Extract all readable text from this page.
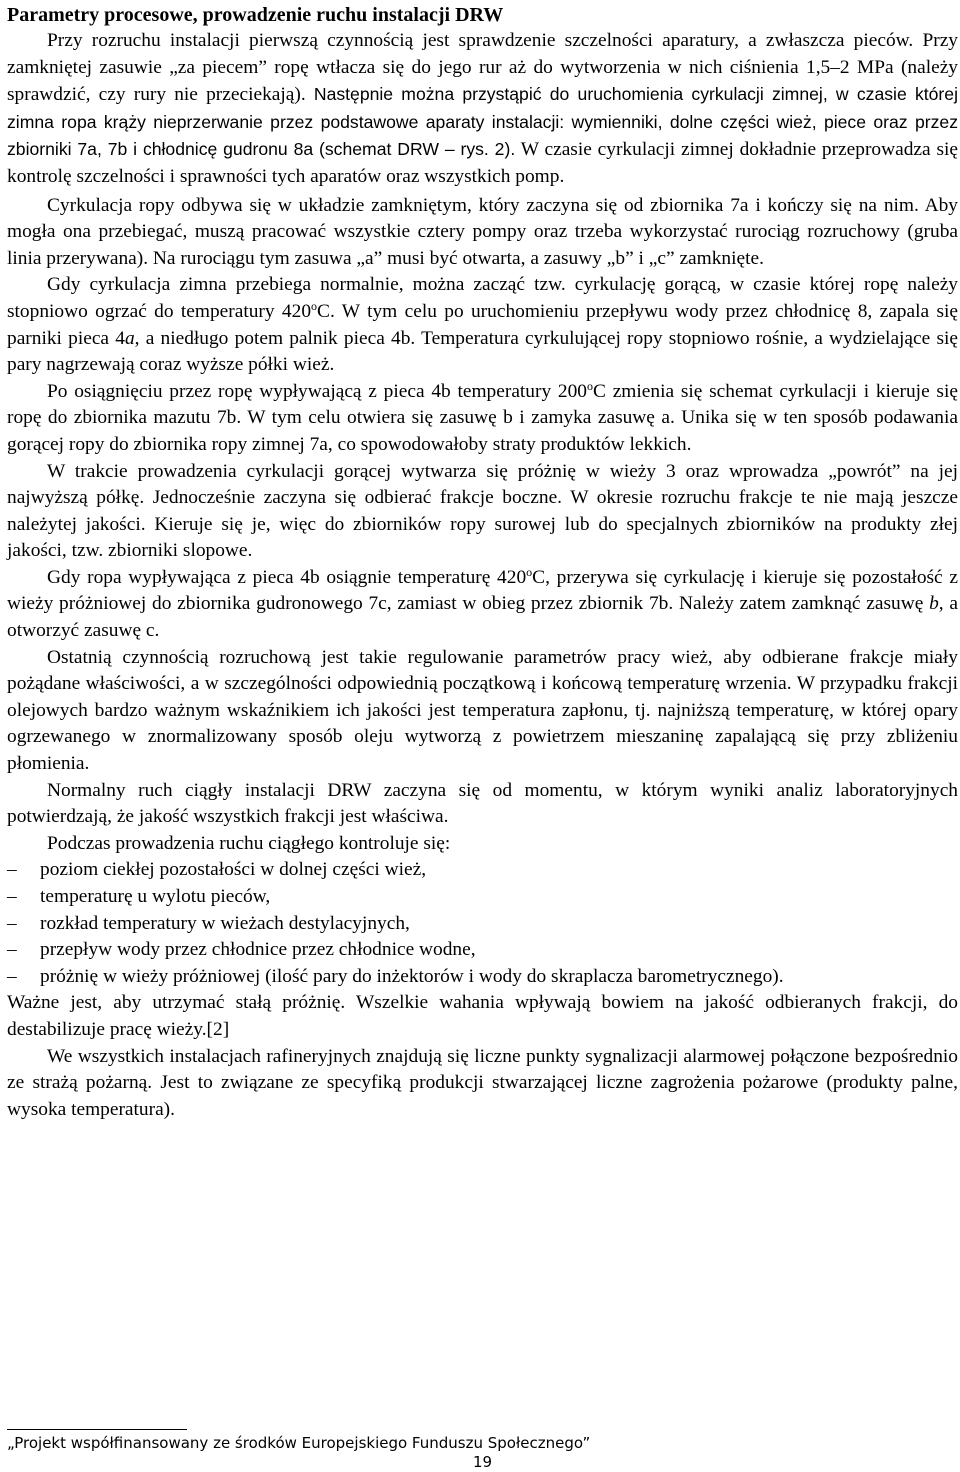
Parametry procesowe, prowadzenie ruchu instalacji DRW

Przy rozruchu instalacji pierwszą czynnością jest sprawdzenie szczelności aparatury, a zwłaszcza pieców. Przy zamkniętej zasuwie „za piecem” ropę wtłacza się do jego rur aż do wytworzenia w nich ciśnienia 1,5–2 MPa (należy sprawdzić, czy rury nie przeciekają). Następnie można przystąpić do uruchomienia cyrkulacji zimnej, w czasie której zimna ropa krąży nieprzerwanie przez podstawowe aparaty instalacji: wymienniki, dolne części wież, piece oraz przez zbiorniki 7a, 7b i chłodnicę gudronu 8a (schemat DRW – rys. 2). W czasie cyrkulacji zimnej dokładnie przeprowadza się kontrolę szczelności i sprawności tych aparatów oraz wszystkich pomp.

Cyrkulacja ropy odbywa się w układzie zamkniętym, który zaczyna się od zbiornika 7a i kończy się na nim. Aby mogła ona przebiegać, muszą pracować wszystkie cztery pompy oraz trzeba wykorzystać rurociąg rozruchowy (gruba linia przerywana). Na rurociągu tym zasuwa „a” musi być otwarta, a zasuwy „b” i „c” zamknięte.

Gdy cyrkulacja zimna przebiega normalnie, można zacząć tzw. cyrkulację gorącą, w czasie której ropę należy stopniowo ogrzać do temperatury 420$^o$C. W tym celu po uruchomieniu przepływu wody przez chłodnicę 8, zapala się parniki pieca 4a, a niedługo potem palnik pieca 4b. Temperatura cyrkulującej ropy stopniowo rośnie, a wydzielające się pary nagrzewają coraz wyższe półki wież.

Po osiągnięciu przez ropę wypływającą z pieca 4b temperatury 200$^o$C zmienia się schemat cyrkulacji i kieruje się ropę do zbiornika mazutu 7b. W tym celu otwiera się zasuwę b i zamyka zasuwę a. Unika się w ten sposób podawania gorącej ropy do zbiornika ropy zimnej 7a, co spowodowałoby straty produktów lekkich.

W trakcie prowadzenia cyrkulacji gorącej wytwarza się próżnię w wieży 3 oraz wprowadza „powrót” na jej najwyższą półkę. Jednocześnie zaczyna się odbierać frakcje boczne. W okresie rozruchu frakcje te nie mają jeszcze należytej jakości. Kieruje się je, więc do zbiorników ropy surowej lub do specjalnych zbiorników na produkty złej jakości, tzw. zbiorniki slopowe.

Gdy ropa wypływająca z pieca 4b osiągnie temperaturę 420$^o$C, przerywa się cyrkulację i kieruje się pozostałość z wieży próżniowej do zbiornika gudronowego 7c, zamiast w obieg przez zbiornik 7b. Należy zatem zamknąć zasuwę b, a otworzyć zasuwę c.

Ostatnią czynnością rozruchową jest takie regulowanie parametrów pracy wież, aby odbierane frakcje miały pożądane właściwości, a w szczególności odpowiednią początkową i końcową temperaturę wrzenia. W przypadku frakcji olejowych bardzo ważnym wskaźnikiem ich jakości jest temperatura zapłonu, tj. najniższą temperaturę, w której opary ogrzewanego w znormalizowany sposób oleju wytworzą z powietrzem mieszaninę zapalającą się przy zbliżeniu płomienia.

Normalny ruch ciągły instalacji DRW zaczyna się od momentu, w którym wyniki analiz laboratoryjnych potwierdzają, że jakość wszystkich frakcji jest właściwa.

Podczas prowadzenia ruchu ciągłego kontroluje się:

– poziom ciekłej pozostałości w dolnej części wież,
– temperaturę u wylotu pieców,
– rozkład temperatury w wieżach destylacyjnych,
– przepływ wody przez chłodnice przez chłodnice wodne,
– próżnię w wieży próżniowej (ilość pary do inżektorów i wody do skraplacza barometrycznego).

Ważne jest, aby utrzymać stałą próżnię. Wszelkie wahania wpływają bowiem na jakość odbieranych frakcji, do destabilizuje pracę wieży.[2]

We wszystkich instalacjach rafineryjnych znajdują się liczne punkty sygnalizacji alarmowej połączone bezpośrednio ze strażą pożarną. Jest to związane ze specyfiką produkcji stwarzającej liczne zagrożenia pożarowe (produkty palne, wysoka temperatura).

„Projekt współfinansowany ze środków Europejskiego Funduszu Społecznego”
19
